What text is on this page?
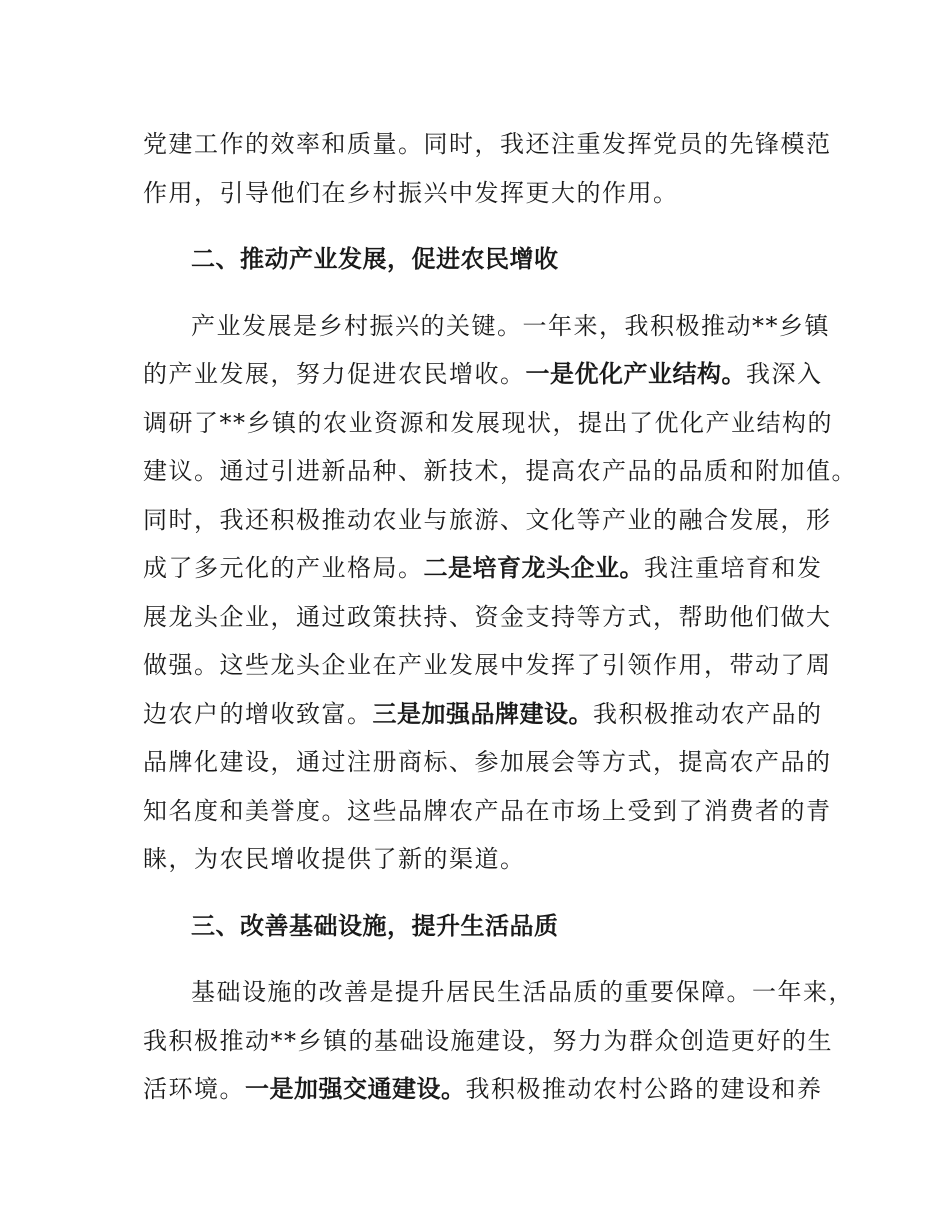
党建工作的效率和质量。同时，我还注重发挥党员的先锋模范
作用，引导他们在乡村振兴中发挥更大的作用。
二、推动产业发展，促进农民增收
产业发展是乡村振兴的关键。一年来，我积极推动**乡镇
的产业发展，努力促进农民增收。一是优化产业结构。我深入
调研了**乡镇的农业资源和发展现状，提出了优化产业结构的
建议。通过引进新品种、新技术，提高农产品的品质和附加值。
同时，我还积极推动农业与旅游、文化等产业的融合发展，形
成了多元化的产业格局。二是培育龙头企业。我注重培育和发
展龙头企业，通过政策扶持、资金支持等方式，帮助他们做大
做强。这些龙头企业在产业发展中发挥了引领作用，带动了周
边农户的增收致富。三是加强品牌建设。我积极推动农产品的
品牌化建设，通过注册商标、参加展会等方式，提高农产品的
知名度和美誉度。这些品牌农产品在市场上受到了消费者的青
睐，为农民增收提供了新的渠道。
三、改善基础设施，提升生活品质
基础设施的改善是提升居民生活品质的重要保障。一年来，
我积极推动**乡镇的基础设施建设，努力为群众创造更好的生
活环境。一是加强交通建设。我积极推动农村公路的建设和养
